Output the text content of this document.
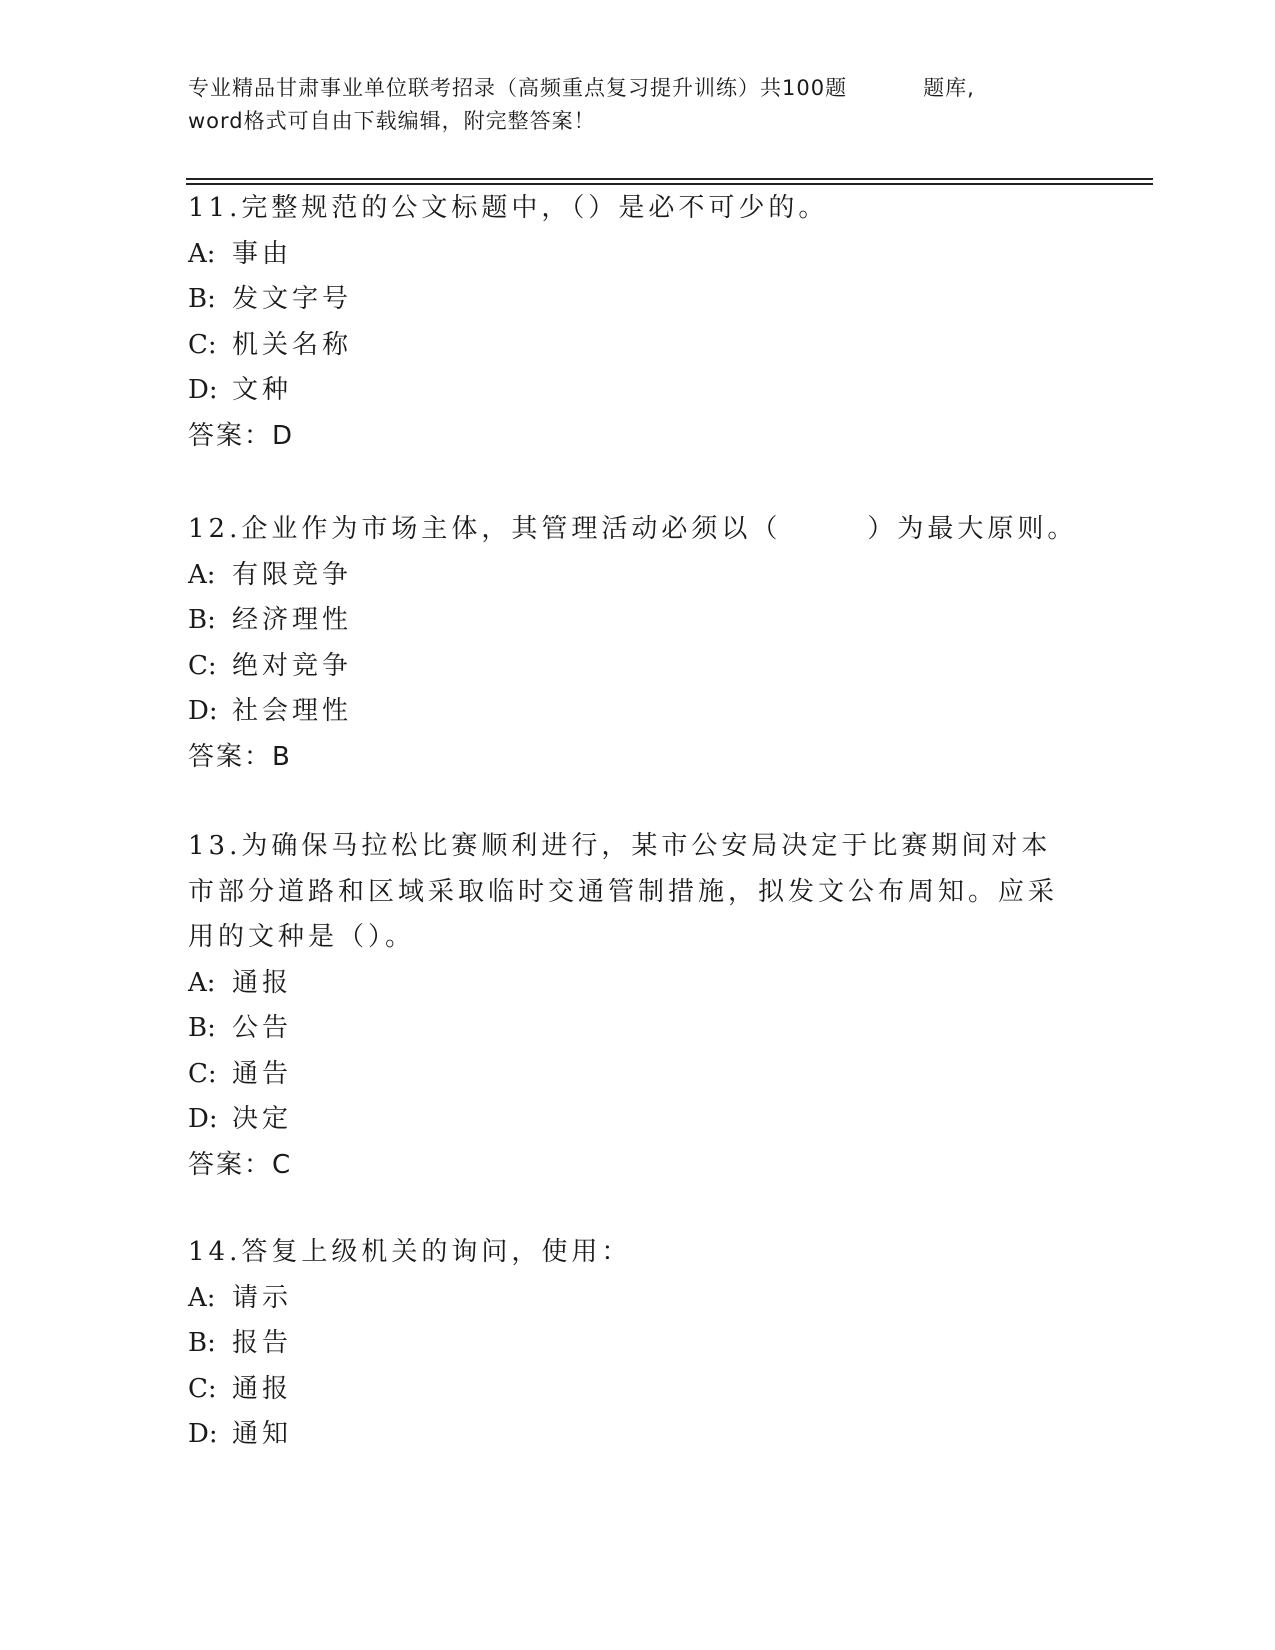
专业精品甘肃事业单位联考招录（高频重点复习提升训练）共100题	题库,
word格式可自由下载编辑，附完整答案！
11.完整规范的公文标题中，（）是必不可少的。
A: 事由
B: 发文字号
C: 机关名称
D: 文种
答案：D
12.企业作为市场主体，其管理活动必须以（	）为最大原则。
A: 有限竞争
B: 经济理性
C: 绝对竞争
D: 社会理性
答案：B
13.为确保马拉松比赛顺利进行，某市公安局决定于比赛期间对本市部分道路和区域采取临时交通管制措施，拟发文公布周知。应采用的文种是（）。
A: 通报
B: 公告
C: 通告
D: 决定
答案：C
14.答复上级机关的询问，使用：
A: 请示
B: 报告
C: 通报
D: 通知
